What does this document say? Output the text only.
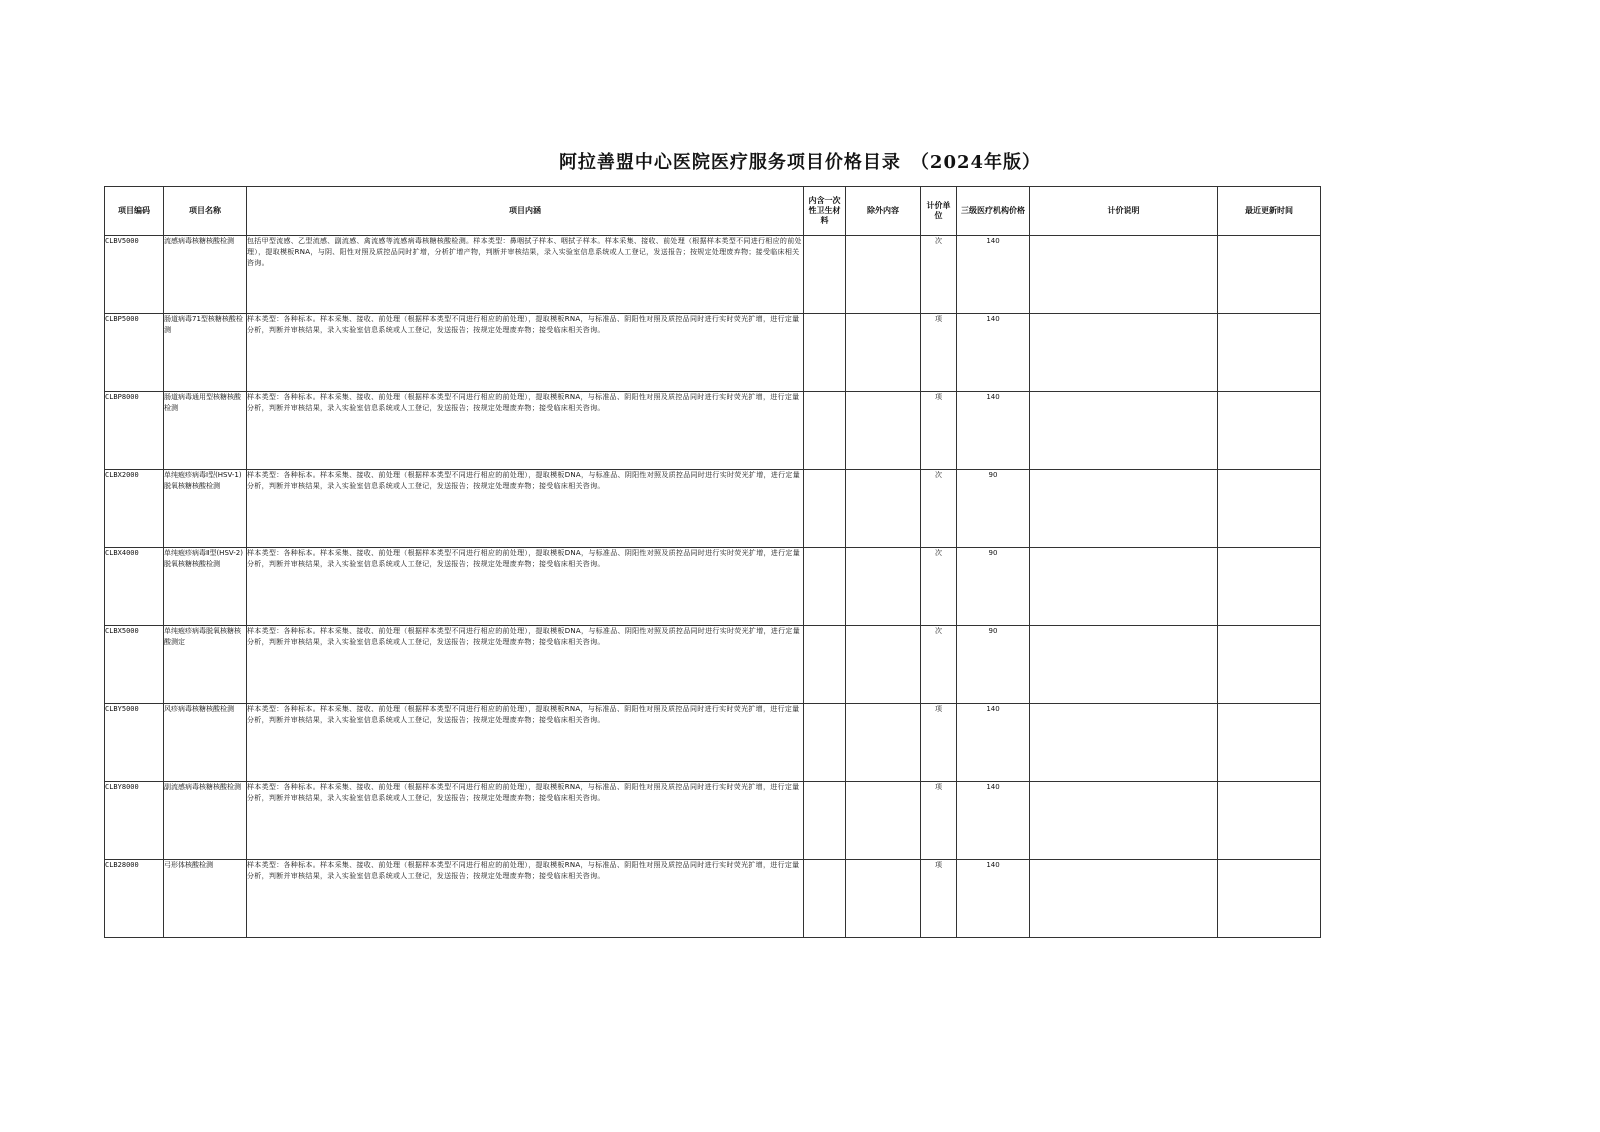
阿拉善盟中心医院医疗服务项目价格目录　（2024年版）
项目编码	项目名称	项目内涵	内含一次性卫生材料	除外内容	计价单位	三级医疗机构价格	计价说明	最近更新时间
CLBV5000	流感病毒核糖核酸检测	包括甲型流感、乙型流感、副流感、禽流感等流感病毒核糖核酸检测。样本类型：鼻咽拭子样本、咽拭子样本。样本采集、接收、前处理（根据样本类型不同进行相应的前处理），提取模板RNA，与阴、阳性对照及质控品同时扩增，分析扩增产物，判断并审核结果，录入实验室信息系统或人工登记，发送报告；按规定处理废弃物；接受临床相关咨询。			次	140		
CLBP5000	肠道病毒71型核糖核酸检测	样本类型：各种标本。样本采集、接收、前处理（根据样本类型不同进行相应的前处理），提取模板RNA，与标准品、阴阳性对照及质控品同时进行实时荧光扩增，进行定量分析，判断并审核结果，录入实验室信息系统或人工登记，发送报告；按规定处理废弃物；接受临床相关咨询。			项	140		
CLBP8000	肠道病毒通用型核糖核酸检测	样本类型：各种标本。样本采集、接收、前处理（根据样本类型不同进行相应的前处理），提取模板RNA，与标准品、阴阳性对照及质控品同时进行实时荧光扩增，进行定量分析，判断并审核结果，录入实验室信息系统或人工登记，发送报告；按规定处理废弃物；接受临床相关咨询。			项	140		
CLBX2000	单纯疱疹病毒Ⅰ型(HSV-1)脱氧核糖核酸检测	样本类型：各种标本。样本采集、接收、前处理（根据样本类型不同进行相应的前处理），提取模板DNA，与标准品、阴阳性对照及质控品同时进行实时荧光扩增，进行定量分析，判断并审核结果，录入实验室信息系统或人工登记，发送报告；按规定处理废弃物；接受临床相关咨询。			次	90		
CLBX4000	单纯疱疹病毒Ⅱ型(HSV-2)脱氧核糖核酸检测	样本类型：各种标本。样本采集、接收、前处理（根据样本类型不同进行相应的前处理），提取模板DNA，与标准品、阴阳性对照及质控品同时进行实时荧光扩增，进行定量分析，判断并审核结果，录入实验室信息系统或人工登记，发送报告；按规定处理废弃物；接受临床相关咨询。			次	90		
CLBX5000	单纯疱疹病毒脱氧核糖核酸测定	样本类型：各种标本。样本采集、接收、前处理（根据样本类型不同进行相应的前处理），提取模板DNA，与标准品、阴阳性对照及质控品同时进行实时荧光扩增，进行定量分析，判断并审核结果，录入实验室信息系统或人工登记，发送报告；按规定处理废弃物；接受临床相关咨询。			次	90		
CLBY5000	风疹病毒核糖核酸检测	样本类型：各种标本。样本采集、接收、前处理（根据样本类型不同进行相应的前处理），提取模板RNA，与标准品、阴阳性对照及质控品同时进行实时荧光扩增，进行定量分析，判断并审核结果，录入实验室信息系统或人工登记，发送报告；按规定处理废弃物；接受临床相关咨询。			项	140		
CLBY8000	副流感病毒核糖核酸检测	样本类型：各种标本。样本采集、接收、前处理（根据样本类型不同进行相应的前处理），提取模板RNA，与标准品、阴阳性对照及质控品同时进行实时荧光扩增，进行定量分析，判断并审核结果，录入实验室信息系统或人工登记，发送报告；按规定处理废弃物；接受临床相关咨询。			项	140		
CLB28000	弓形体核酸检测	样本类型：各种标本。样本采集、接收、前处理（根据样本类型不同进行相应的前处理），提取模板RNA，与标准品、阴阳性对照及质控品同时进行实时荧光扩增，进行定量分析，判断并审核结果，录入实验室信息系统或人工登记，发送报告；按规定处理废弃物；接受临床相关咨询。			项	140		
